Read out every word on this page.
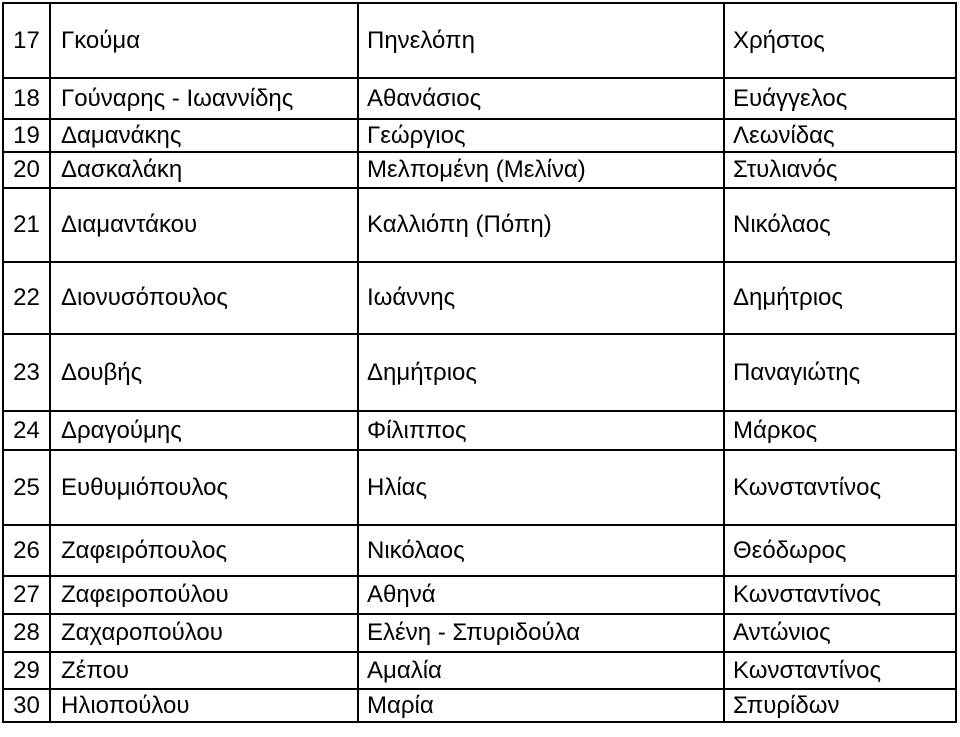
17	Γκούμα	Πηνελόπη	Χρήστος
18	Γούναρης - Ιωαννίδης	Αθανάσιος	Ευάγγελος
19	Δαμανάκης	Γεώργιος	Λεωνίδας
20	Δασκαλάκη	Μελπομένη (Μελίνα)	Στυλιανός
21	Διαμαντάκου	Καλλιόπη (Πόπη)	Νικόλαος
22	Διονυσόπουλος	Ιωάννης	Δημήτριος
23	Δουβής	Δημήτριος	Παναγιώτης
24	Δραγούμης	Φίλιππος	Μάρκος
25	Ευθυμιόπουλος	Ηλίας	Κωνσταντίνος
26	Ζαφειρόπουλος	Νικόλαος	Θεόδωρος
27	Ζαφειροπούλου	Αθηνά	Κωνσταντίνος
28	Ζαχαροπούλου	Ελένη - Σπυριδούλα	Αντώνιος
29	Ζέπου	Αμαλία	Κωνσταντίνος
30	Ηλιοπούλου	Μαρία	Σπυρίδων
